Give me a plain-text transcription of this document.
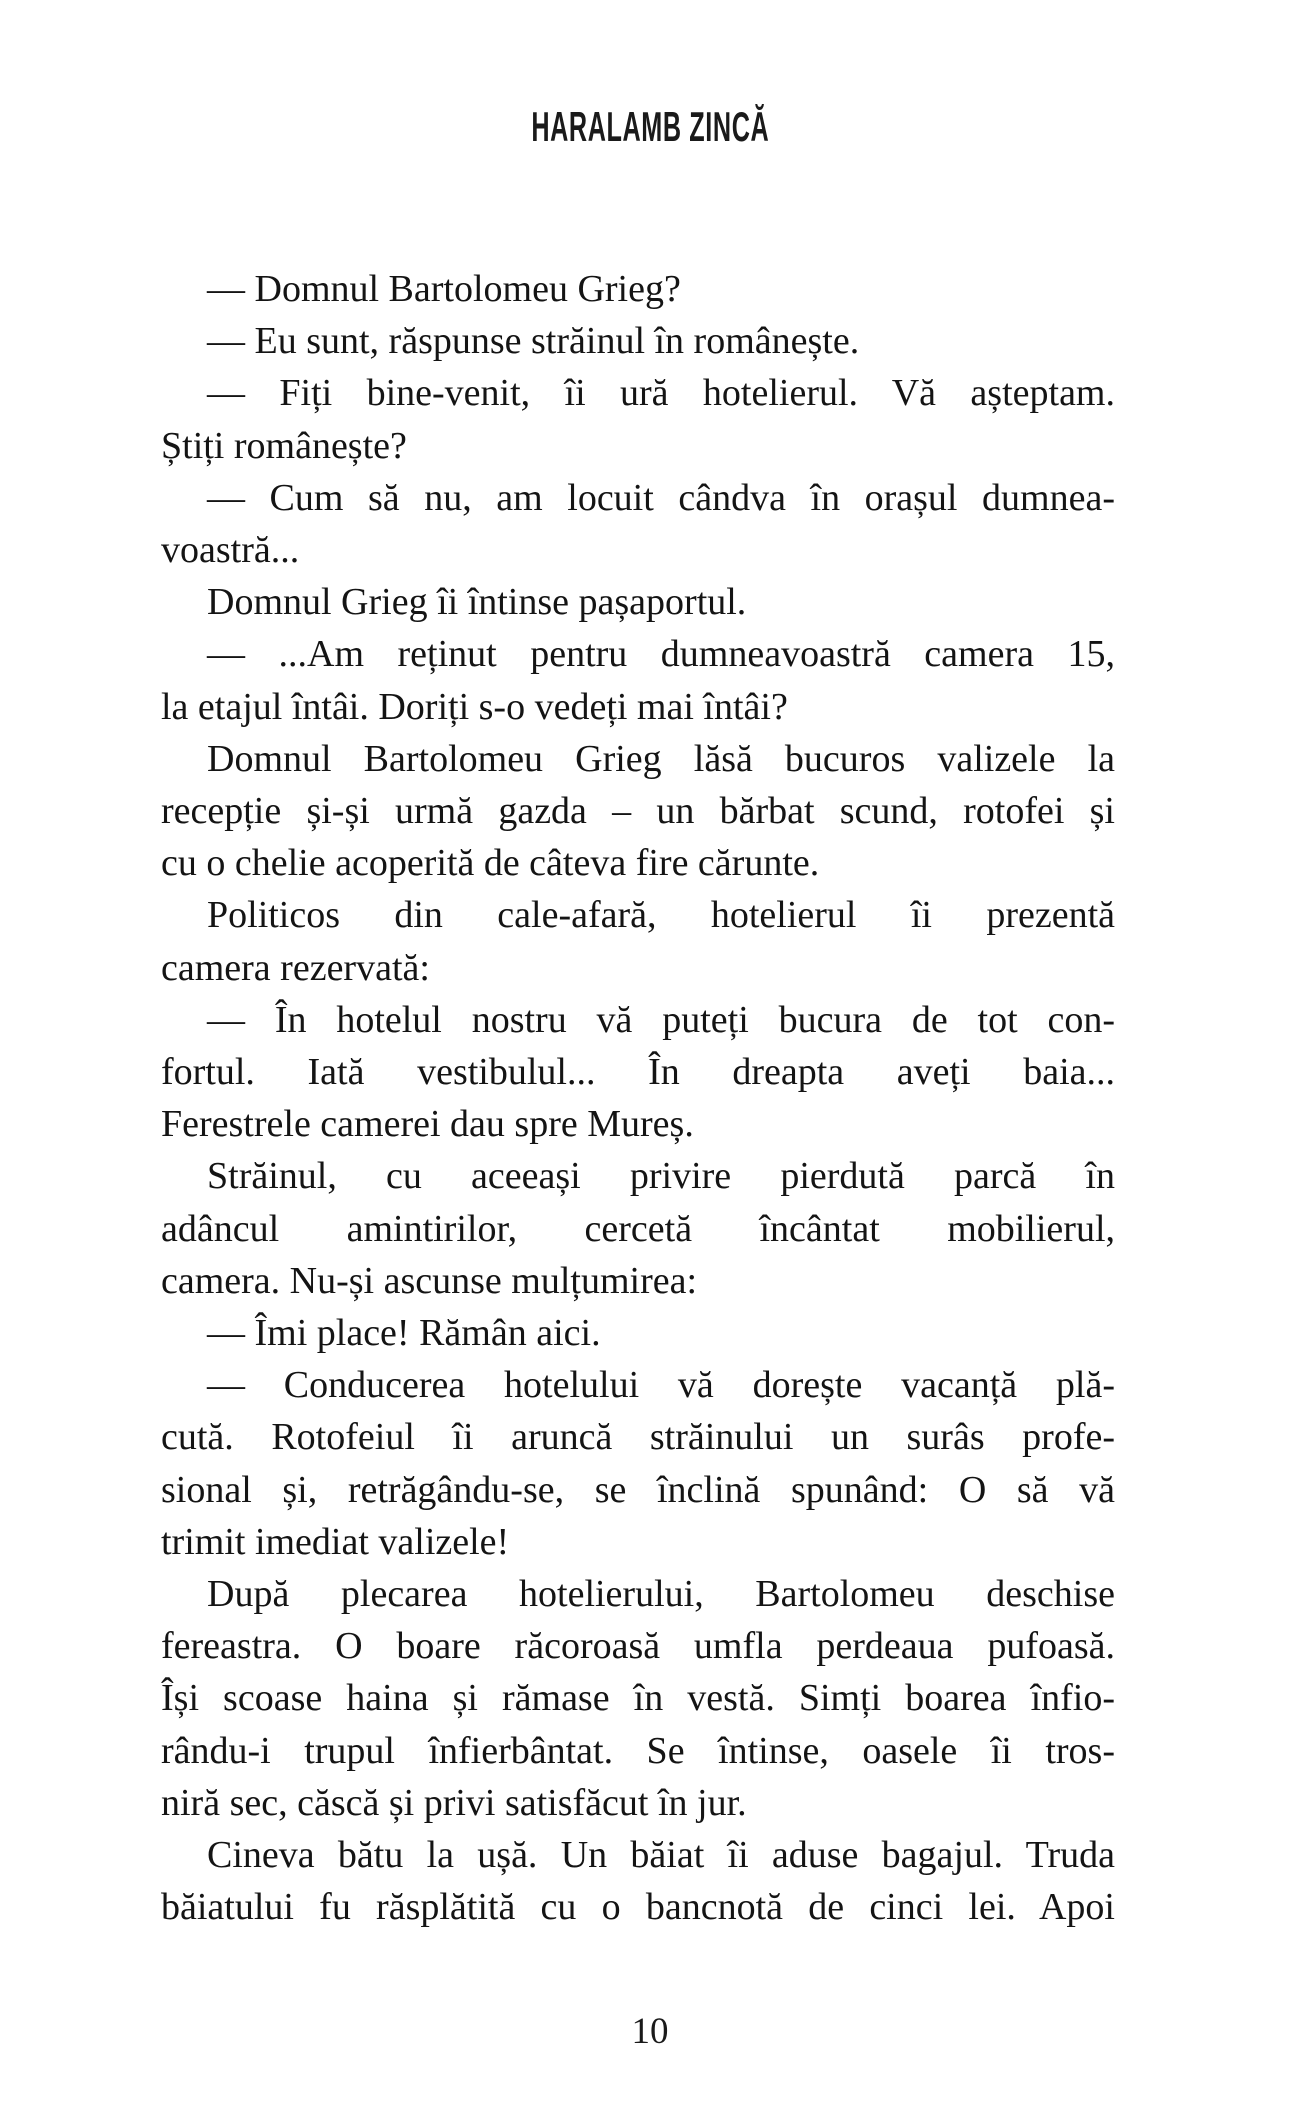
HARALAMB ZINCĂ
— Domnul Bartolomeu Grieg?
— Eu sunt, răspunse străinul în românește.
— Fiți bine-venit, îi ură hotelierul. Vă așteptam.
Știți românește?
— Cum să nu, am locuit cândva în orașul dumnea-
voastră...
Domnul Grieg îi întinse pașaportul.
— ...Am reținut pentru dumneavoastră camera 15,
la etajul întâi. Doriți s-o vedeți mai întâi?
Domnul Bartolomeu Grieg lăsă bucuros valizele la
recepție și-și urmă gazda – un bărbat scund, rotofei și
cu o chelie acoperită de câteva fire cărunte.
Politicos din cale-afară, hotelierul îi prezentă
camera rezervată:
— În hotelul nostru vă puteți bucura de tot con-
fortul. Iată vestibulul... În dreapta aveți baia...
Ferestrele camerei dau spre Mureș.
Străinul, cu aceeași privire pierdută parcă în
adâncul amintirilor, cercetă încântat mobilierul,
camera. Nu-și ascunse mulțumirea:
— Îmi place! Rămân aici.
— Conducerea hotelului vă dorește vacanță plă-
cută. Rotofeiul îi aruncă străinului un surâs profe-
sional și, retrăgându-se, se înclină spunând: O să vă
trimit imediat valizele!
După plecarea hotelierului, Bartolomeu deschise
fereastra. O boare răcoroasă umfla perdeaua pufoasă.
Își scoase haina și rămase în vestă. Simți boarea înfio-
rându-i trupul înfierbântat. Se întinse, oasele îi tros-
niră sec, căscă și privi satisfăcut în jur.
Cineva bătu la ușă. Un băiat îi aduse bagajul. Truda
băiatului fu răsplătită cu o bancnotă de cinci lei. Apoi
10
